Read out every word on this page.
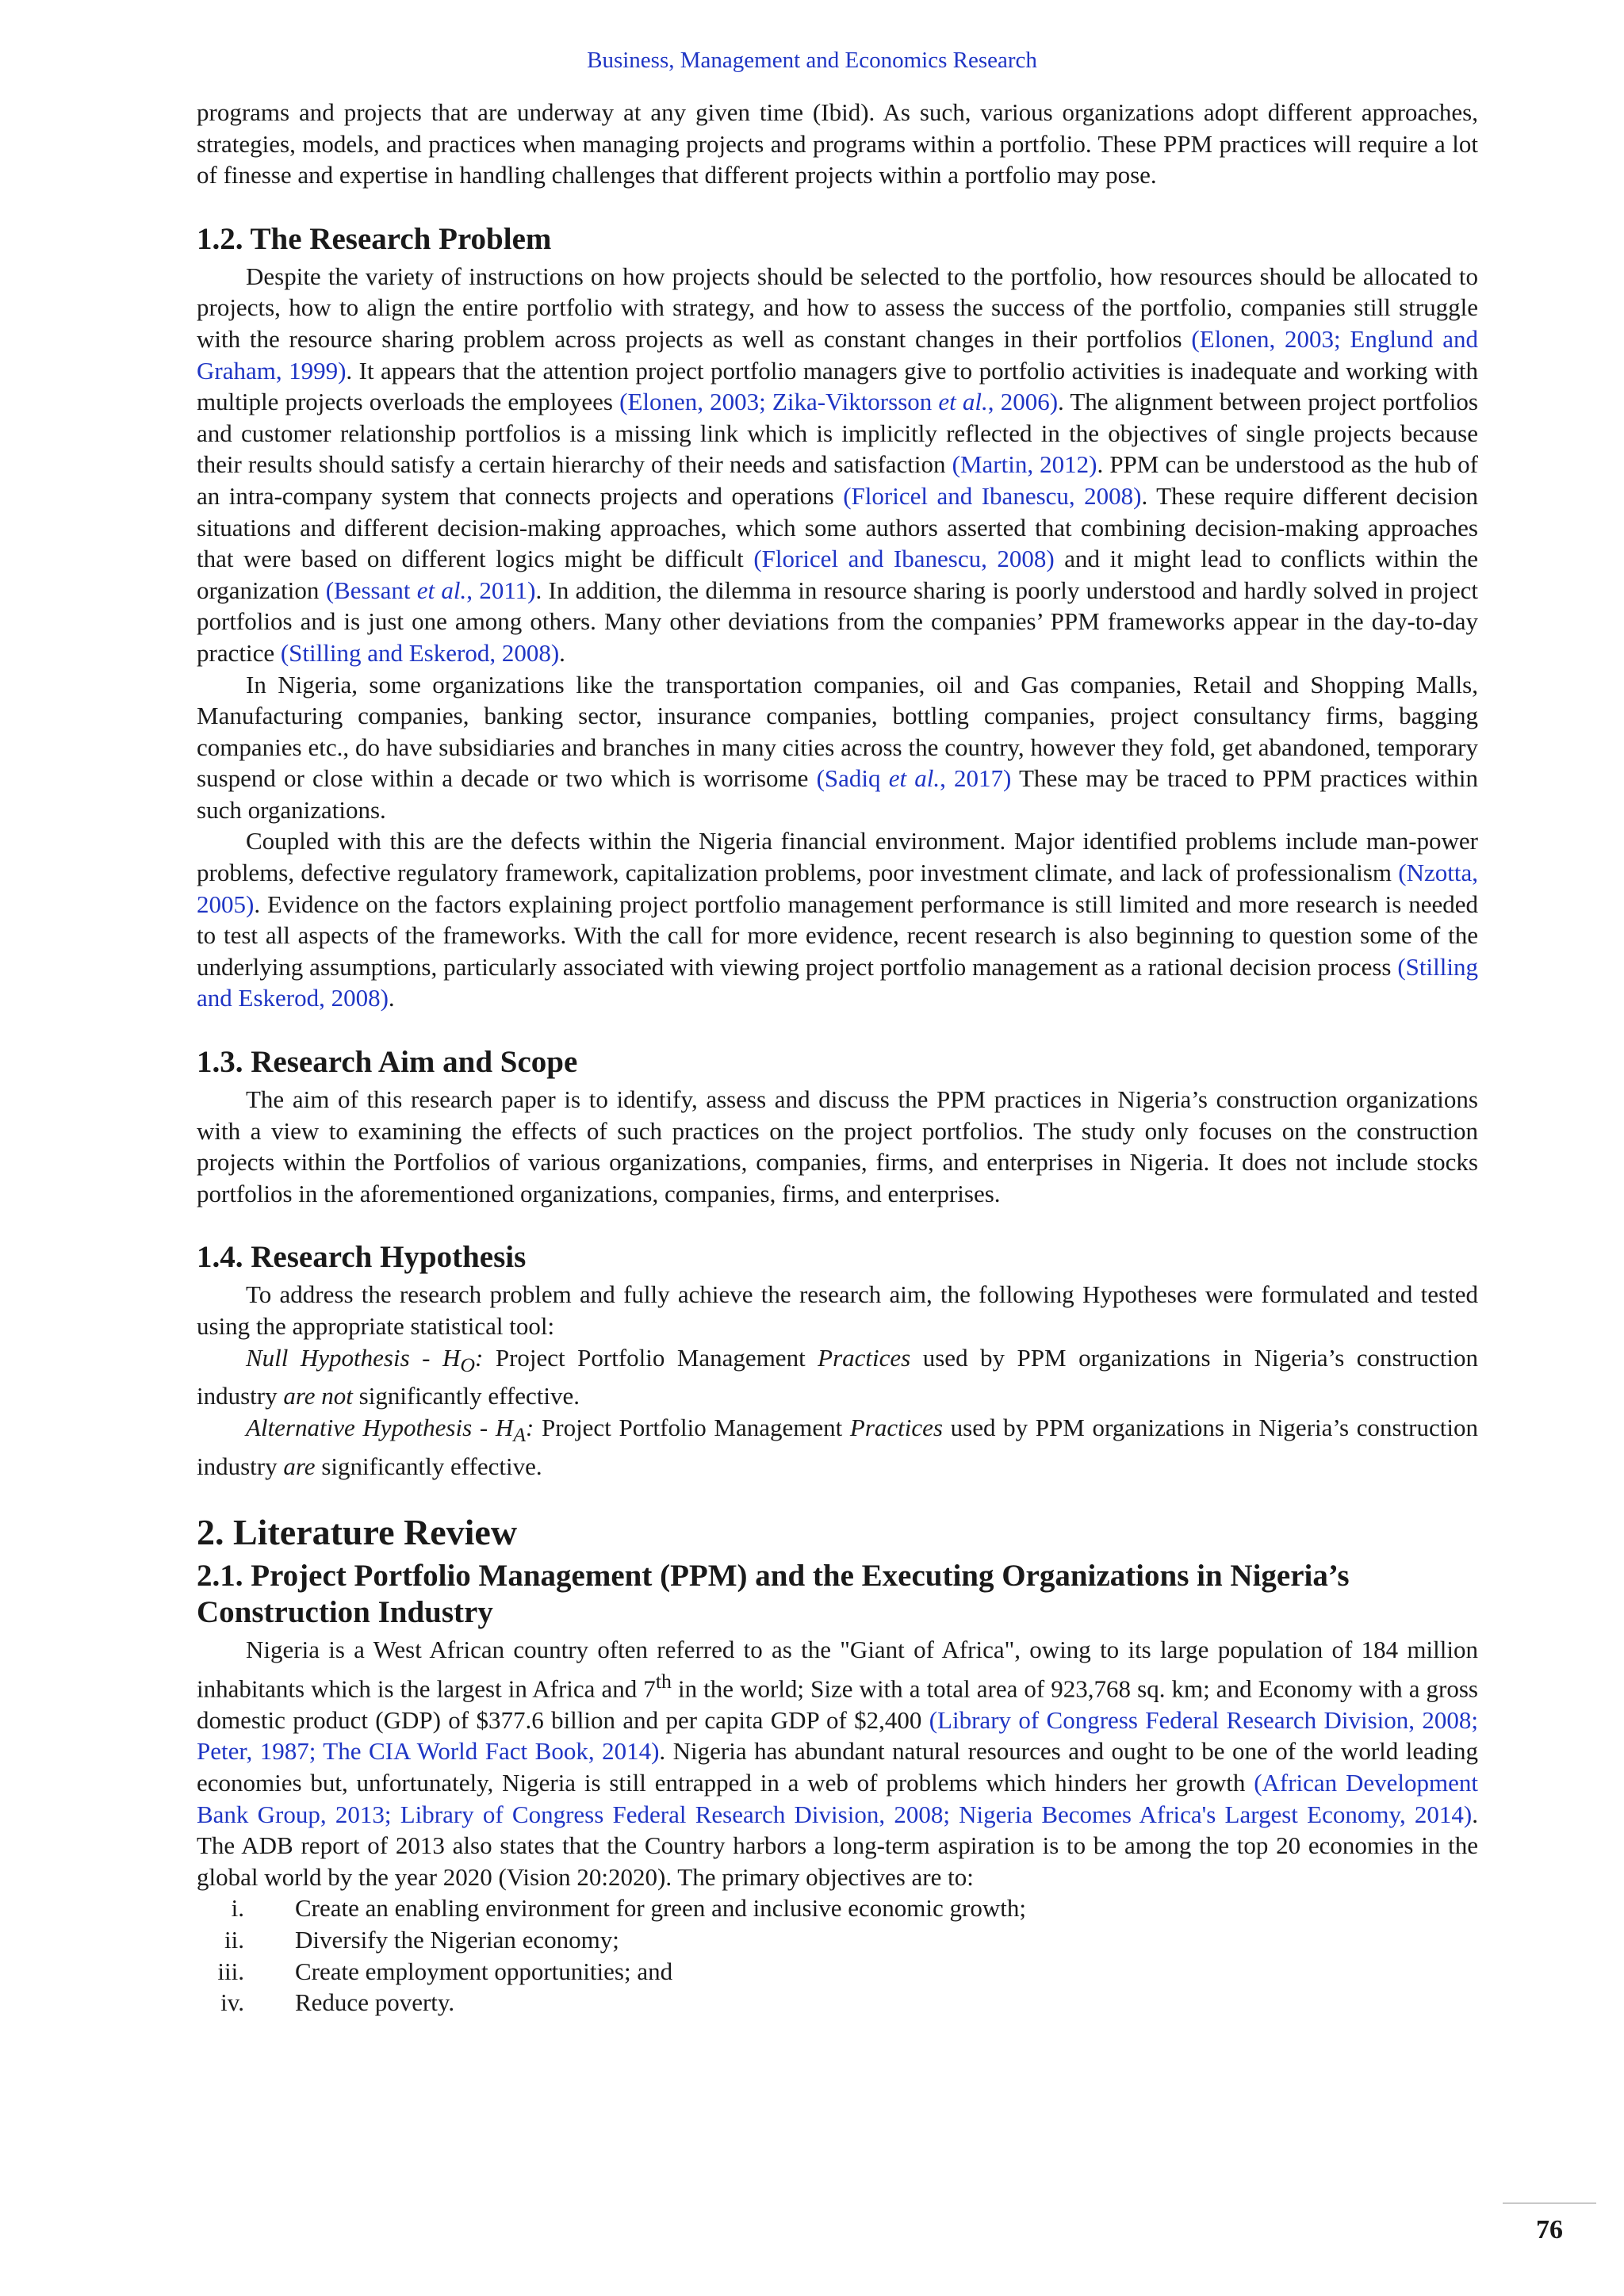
Business, Management and Economics Research

programs and projects that are underway at any given time (Ibid). As such, various organizations adopt different approaches, strategies, models, and practices when managing projects and programs within a portfolio. These PPM practices will require a lot of finesse and expertise in handling challenges that different projects within a portfolio may pose.

1.2. The Research Problem

Despite the variety of instructions on how projects should be selected to the portfolio, how resources should be allocated to projects, how to align the entire portfolio with strategy, and how to assess the success of the portfolio, companies still struggle with the resource sharing problem across projects as well as constant changes in their portfolios (Elonen, 2003; Englund and Graham, 1999). It appears that the attention project portfolio managers give to portfolio activities is inadequate and working with multiple projects overloads the employees (Elonen, 2003; Zika-Viktorsson et al., 2006). The alignment between project portfolios and customer relationship portfolios is a missing link which is implicitly reflected in the objectives of single projects because their results should satisfy a certain hierarchy of their needs and satisfaction (Martin, 2012). PPM can be understood as the hub of an intra-company system that connects projects and operations (Floricel and Ibanescu, 2008). These require different decision situations and different decision-making approaches, which some authors asserted that combining decision-making approaches that were based on different logics might be difficult (Floricel and Ibanescu, 2008) and it might lead to conflicts within the organization (Bessant et al., 2011). In addition, the dilemma in resource sharing is poorly understood and hardly solved in project portfolios and is just one among others. Many other deviations from the companies’ PPM frameworks appear in the day-to-day practice (Stilling and Eskerod, 2008).

In Nigeria, some organizations like the transportation companies, oil and Gas companies, Retail and Shopping Malls, Manufacturing companies, banking sector, insurance companies, bottling companies, project consultancy firms, bagging companies etc., do have subsidiaries and branches in many cities across the country, however they fold, get abandoned, temporary suspend or close within a decade or two which is worrisome (Sadiq et al., 2017) These may be traced to PPM practices within such organizations.

Coupled with this are the defects within the Nigeria financial environment. Major identified problems include man-power problems, defective regulatory framework, capitalization problems, poor investment climate, and lack of professionalism (Nzotta, 2005). Evidence on the factors explaining project portfolio management performance is still limited and more research is needed to test all aspects of the frameworks. With the call for more evidence, recent research is also beginning to question some of the underlying assumptions, particularly associated with viewing project portfolio management as a rational decision process (Stilling and Eskerod, 2008).

1.3. Research Aim and Scope

The aim of this research paper is to identify, assess and discuss the PPM practices in Nigeria’s construction organizations with a view to examining the effects of such practices on the project portfolios. The study only focuses on the construction projects within the Portfolios of various organizations, companies, firms, and enterprises in Nigeria. It does not include stocks portfolios in the aforementioned organizations, companies, firms, and enterprises.

1.4. Research Hypothesis

To address the research problem and fully achieve the research aim, the following Hypotheses were formulated and tested using the appropriate statistical tool:

Null Hypothesis - $H_O$: Project Portfolio Management Practices used by PPM organizations in Nigeria’s construction industry are not significantly effective.

Alternative Hypothesis - $H_A$: Project Portfolio Management Practices used by PPM organizations in Nigeria’s construction industry are significantly effective.

2. Literature Review
2.1. Project Portfolio Management (PPM) and the Executing Organizations in Nigeria’s Construction Industry

Nigeria is a West African country often referred to as the "Giant of Africa", owing to its large population of 184 million inhabitants which is the largest in Africa and 7th in the world; Size with a total area of 923,768 sq. km; and Economy with a gross domestic product (GDP) of $377.6 billion and per capita GDP of $2,400 (Library of Congress Federal Research Division, 2008; Peter, 1987; The CIA World Fact Book, 2014). Nigeria has abundant natural resources and ought to be one of the world leading economies but, unfortunately, Nigeria is still entrapped in a web of problems which hinders her growth (African Development Bank Group, 2013; Library of Congress Federal Research Division, 2008; Nigeria Becomes Africa's Largest Economy, 2014). The ADB report of 2013 also states that the Country harbors a long-term aspiration is to be among the top 20 economies in the global world by the year 2020 (Vision 20:2020). The primary objectives are to:

i. Create an enabling environment for green and inclusive economic growth;
ii. Diversify the Nigerian economy;
iii. Create employment opportunities; and
iv. Reduce poverty.
76
